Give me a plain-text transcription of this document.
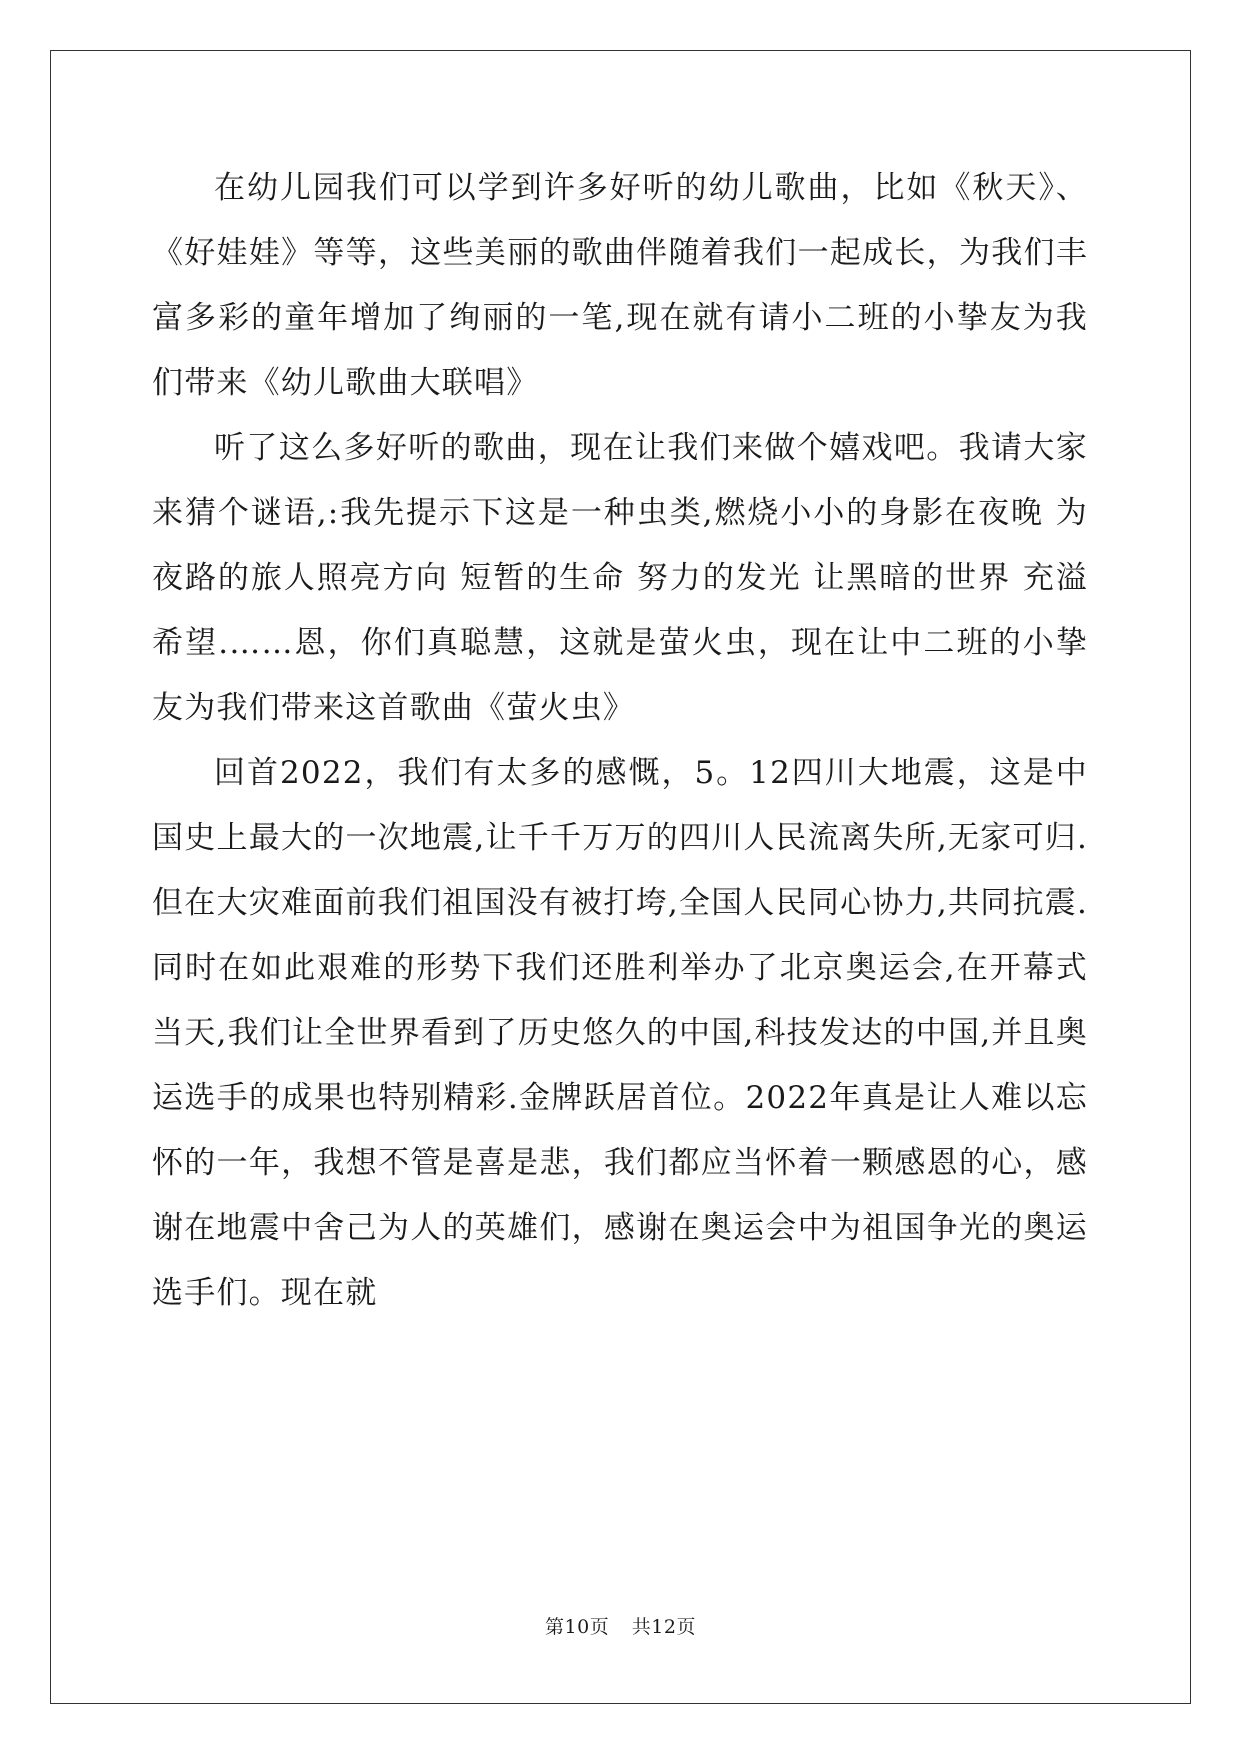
在幼儿园我们可以学到许多好听的幼儿歌曲，比如《秋天》、《好娃娃》等等，这些美丽的歌曲伴随着我们一起成长，为我们丰富多彩的童年增加了绚丽的一笔,现在就有请小二班的小挚友为我们带来《幼儿歌曲大联唱》

听了这么多好听的歌曲，现在让我们来做个嬉戏吧。我请大家来猜个谜语,:我先提示下这是一种虫类,燃烧小小的身影在夜晚 为夜路的旅人照亮方向 短暂的生命 努力的发光 让黑暗的世界 充溢希望.……恩，你们真聪慧，这就是萤火虫，现在让中二班的小挚友为我们带来这首歌曲《萤火虫》

回首2022，我们有太多的感慨，5。12四川大地震，这是中国史上最大的一次地震,让千千万万的四川人民流离失所,无家可归.但在大灾难面前我们祖国没有被打垮,全国人民同心协力,共同抗震.同时在如此艰难的形势下我们还胜利举办了北京奥运会,在开幕式当天,我们让全世界看到了历史悠久的中国,科技发达的中国,并且奥运选手的成果也特别精彩.金牌跃居首位。2022年真是让人难以忘怀的一年，我想不管是喜是悲，我们都应当怀着一颗感恩的心，感谢在地震中舍己为人的英雄们，感谢在奥运会中为祖国争光的奥运选手们。现在就

第10页 共12页
